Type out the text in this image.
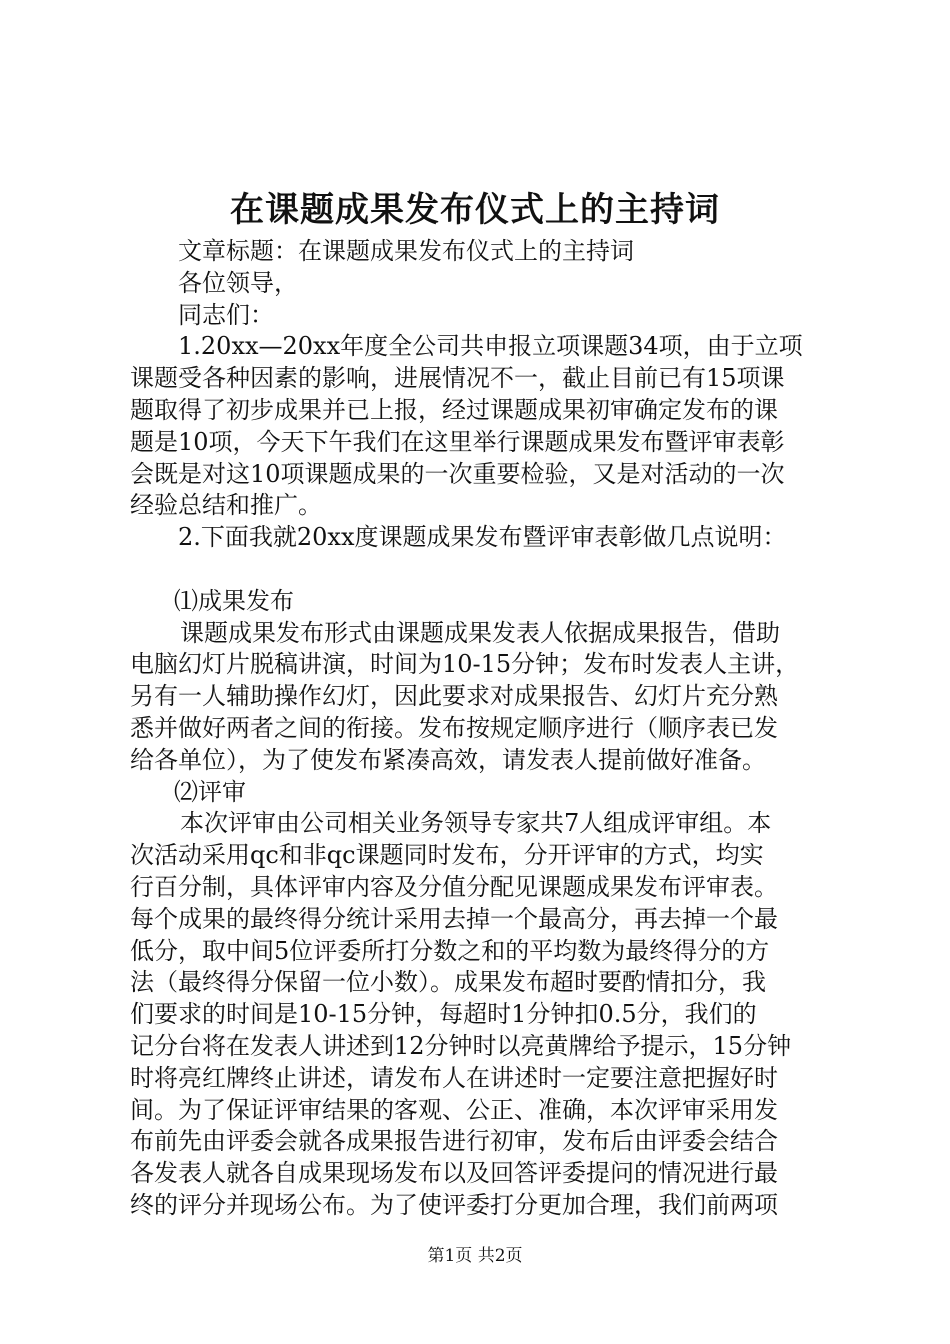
在课题成果发布仪式上的主持词
文章标题：在课题成果发布仪式上的主持词
各位领导，
同志们：
1.20xx—20xx年度全公司共申报立项课题34项，由于立项
课题受各种因素的影响，进展情况不一，截止目前已有15项课
题取得了初步成果并已上报，经过课题成果初审确定发布的课
题是10项，今天下午我们在这里举行课题成果发布暨评审表彰
会既是对这10项课题成果的一次重要检验，又是对活动的一次
经验总结和推广。
2.下面我就20xx度课题成果发布暨评审表彰做几点说明：
⑴成果发布
课题成果发布形式由课题成果发表人依据成果报告，借助
电脑幻灯片脱稿讲演，时间为10-15分钟；发布时发表人主讲，
另有一人辅助操作幻灯，因此要求对成果报告、幻灯片充分熟
悉并做好两者之间的衔接。发布按规定顺序进行（顺序表已发
给各单位），为了使发布紧凑高效，请发表人提前做好准备。
⑵评审
本次评审由公司相关业务领导专家共7人组成评审组。本
次活动采用qc和非qc课题同时发布，分开评审的方式，均实
行百分制，具体评审内容及分值分配见课题成果发布评审表。
每个成果的最终得分统计采用去掉一个最高分，再去掉一个最
低分，取中间5位评委所打分数之和的平均数为最终得分的方
法（最终得分保留一位小数）。成果发布超时要酌情扣分，我
们要求的时间是10-15分钟，每超时1分钟扣0.5分，我们的
记分台将在发表人讲述到12分钟时以亮黄牌给予提示，15分钟
时将亮红牌终止讲述，请发布人在讲述时一定要注意把握好时
间。为了保证评审结果的客观、公正、准确，本次评审采用发
布前先由评委会就各成果报告进行初审，发布后由评委会结合
各发表人就各自成果现场发布以及回答评委提问的情况进行最
终的评分并现场公布。为了使评委打分更加合理，我们前两项
第1页 共2页
